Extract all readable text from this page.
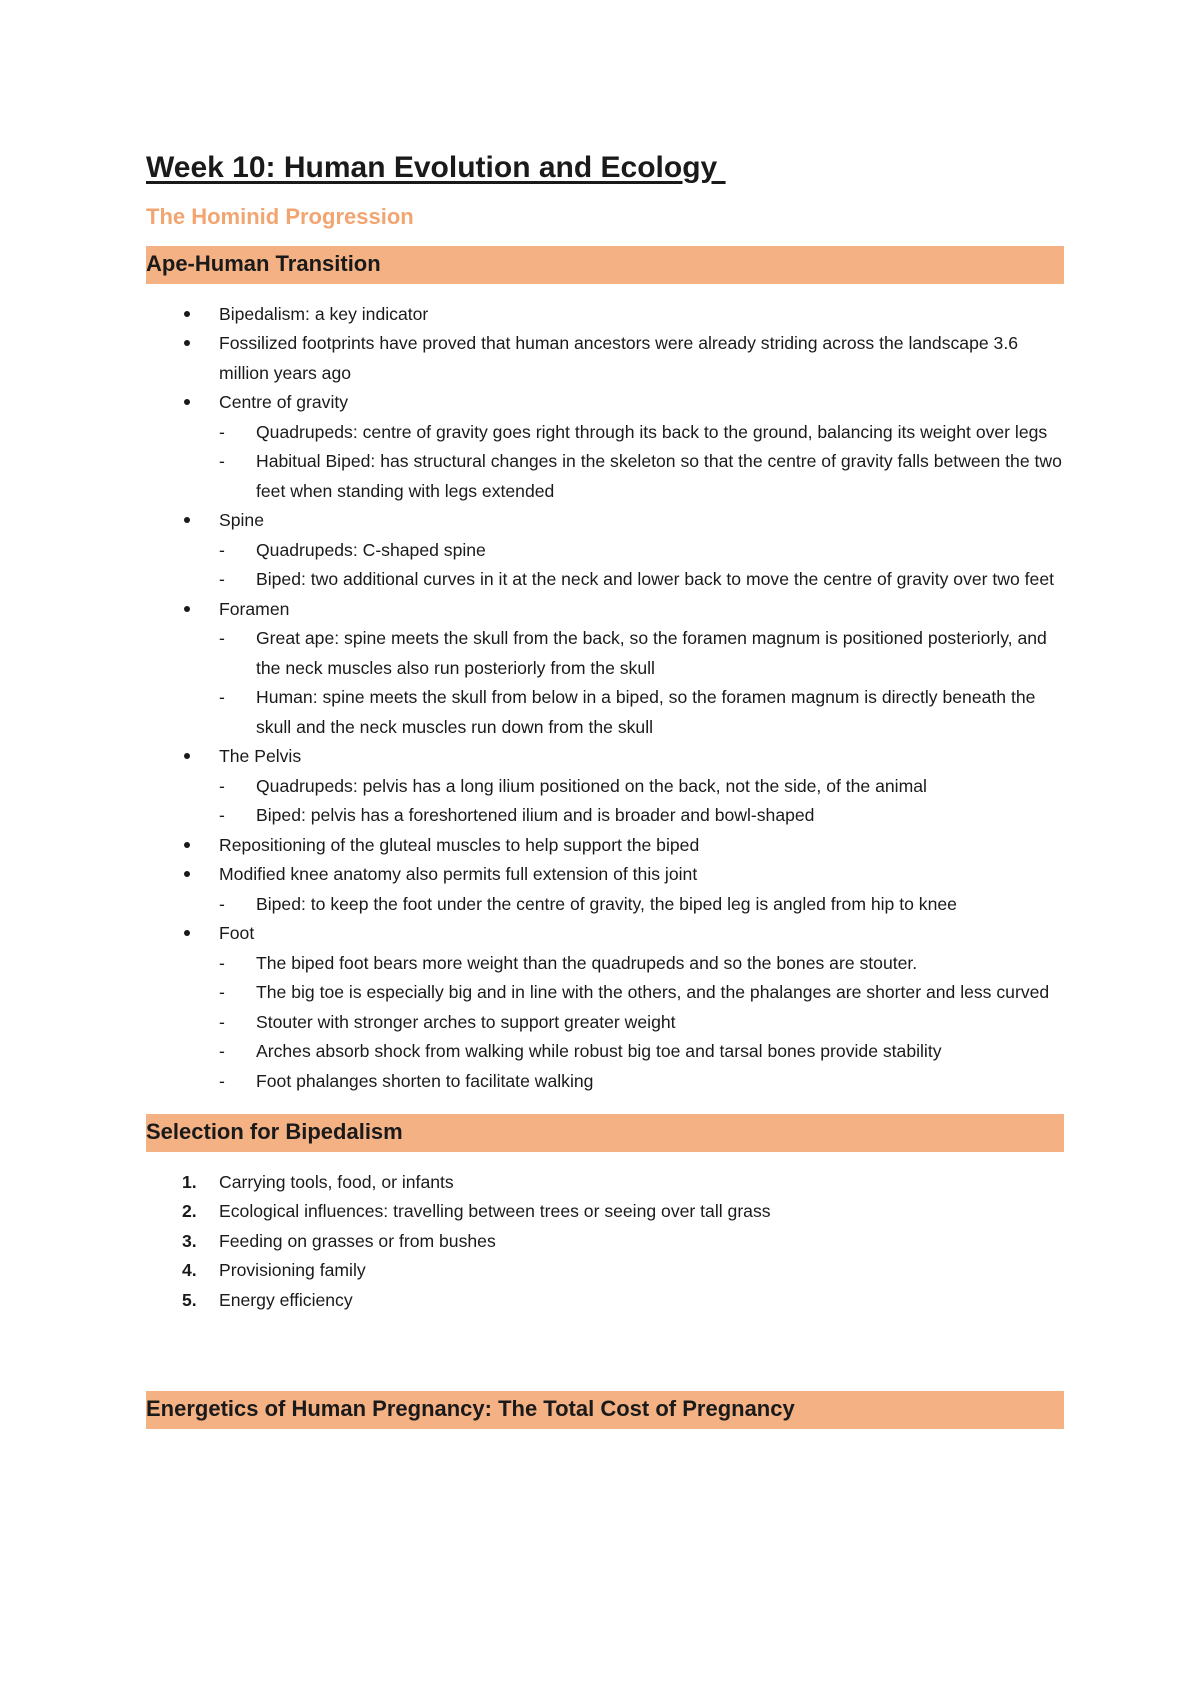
Week 10: Human Evolution and Ecology
The Hominid Progression
Ape-Human Transition
Bipedalism: a key indicator
Fossilized footprints have proved that human ancestors were already striding across the landscape 3.6 million years ago
Centre of gravity
- Quadrupeds: centre of gravity goes right through its back to the ground, balancing its weight over legs
- Habitual Biped: has structural changes in the skeleton so that the centre of gravity falls between the two feet when standing with legs extended
Spine
- Quadrupeds: C-shaped spine
- Biped: two additional curves in it at the neck and lower back to move the centre of gravity over two feet
Foramen
- Great ape: spine meets the skull from the back, so the foramen magnum is positioned posteriorly, and the neck muscles also run posteriorly from the skull
- Human: spine meets the skull from below in a biped, so the foramen magnum is directly beneath the skull and the neck muscles run down from the skull
The Pelvis
- Quadrupeds: pelvis has a long ilium positioned on the back, not the side, of the animal
- Biped: pelvis has a foreshortened ilium and is broader and bowl-shaped
Repositioning of the gluteal muscles to help support the biped
Modified knee anatomy also permits full extension of this joint
- Biped: to keep the foot under the centre of gravity, the biped leg is angled from hip to knee
Foot
- The biped foot bears more weight than the quadrupeds and so the bones are stouter.
- The big toe is especially big and in line with the others, and the phalanges are shorter and less curved
- Stouter with stronger arches to support greater weight
- Arches absorb shock from walking while robust big toe and tarsal bones provide stability
- Foot phalanges shorten to facilitate walking
Selection for Bipedalism
1. Carrying tools, food, or infants
2. Ecological influences: travelling between trees or seeing over tall grass
3. Feeding on grasses or from bushes
4. Provisioning family
5. Energy efficiency
Energetics of Human Pregnancy: The Total Cost of Pregnancy
